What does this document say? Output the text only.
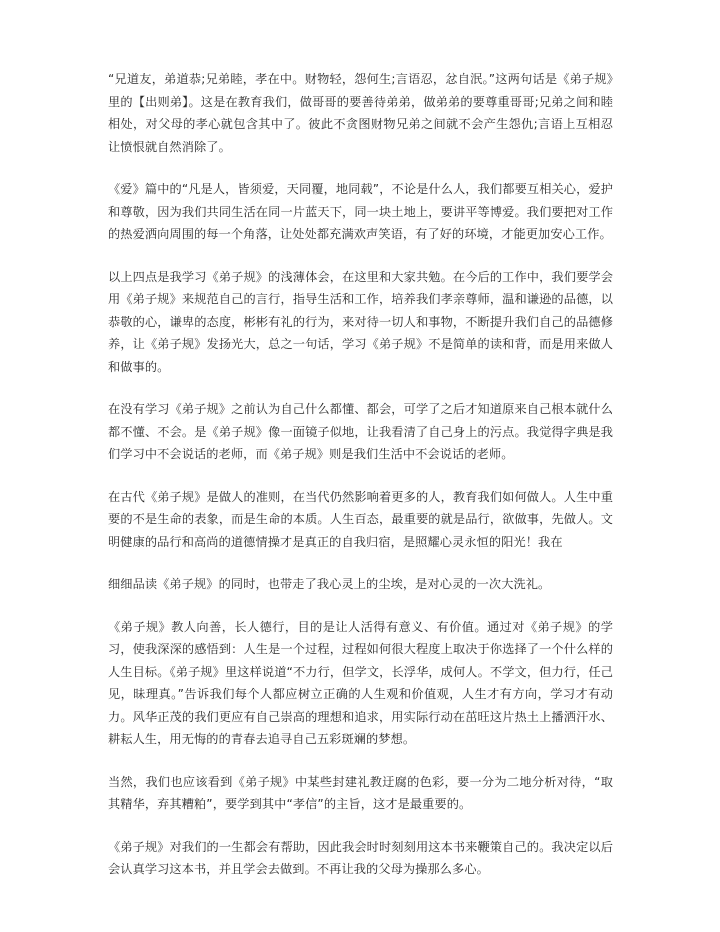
“兄道友，弟道恭;兄弟睦，孝在中。财物轻，怨何生;言语忍，忿自泯。”这两句话是《弟子规》里的【出则弟】。这是在教育我们，做哥哥的要善待弟弟，做弟弟的要尊重哥哥;兄弟之间和睦相处，对父母的孝心就包含其中了。彼此不贪图财物兄弟之间就不会产生怨仇;言语上互相忍让愤恨就自然消除了。

《爱》篇中的“凡是人，皆须爱，天同覆，地同载”，不论是什么人，我们都要互相关心，爱护和尊敬，因为我们共同生活在同一片蓝天下，同一块土地上，要讲平等博爱。我们要把对工作的热爱洒向周围的每一个角落，让处处都充满欢声笑语，有了好的环境，才能更加安心工作。

以上四点是我学习《弟子规》的浅薄体会，在这里和大家共勉。在今后的工作中，我们要学会用《弟子规》来规范自己的言行，指导生活和工作，培养我们孝亲尊师，温和谦逊的品德，以恭敬的心，谦卑的态度，彬彬有礼的行为，来对待一切人和事物，不断提升我们自己的品德修养，让《弟子规》发扬光大，总之一句话，学习《弟子规》不是简单的读和背，而是用来做人和做事的。

在没有学习《弟子规》之前认为自己什么都懂、都会，可学了之后才知道原来自己根本就什么都不懂、不会。是《弟子规》像一面镜子似地，让我看清了自己身上的污点。我觉得字典是我们学习中不会说话的老师，而《弟子规》则是我们生活中不会说话的老师。

在古代《弟子规》是做人的准则，在当代仍然影响着更多的人，教育我们如何做人。人生中重要的不是生命的表象，而是生命的本质。人生百态，最重要的就是品行，欲做事，先做人。文明健康的品行和高尚的道德情操才是真正的自我归宿，是照耀心灵永恒的阳光！我在

细细品读《弟子规》的同时，也带走了我心灵上的尘埃，是对心灵的一次大洗礼。

《弟子规》教人向善，长人德行，目的是让人活得有意义、有价值。通过对《弟子规》的学习，使我深深的感悟到：人生是一个过程，过程如何很大程度上取决于你选择了一个什么样的人生目标。《弟子规》里这样说道“不力行，但学文，长浮华，成何人。不学文，但力行，任己见，昧理真。”告诉我们每个人都应树立正确的人生观和价值观，人生才有方向，学习才有动力。风华正茂的我们更应有自己崇高的理想和追求，用实际行动在茁旺这片热土上播洒汗水、耕耘人生，用无悔的的青春去追寻自己五彩斑斓的梦想。

当然，我们也应该看到《弟子规》中某些封建礼教迂腐的色彩，要一分为二地分析对待，“取其精华，弃其糟粕”，要学到其中“孝信”的主旨，这才是最重要的。

《弟子规》对我们的一生都会有帮助，因此我会时时刻刻用这本书来鞭策自己的。我决定以后会认真学习这本书，并且学会去做到。不再让我的父母为操那么多心。
